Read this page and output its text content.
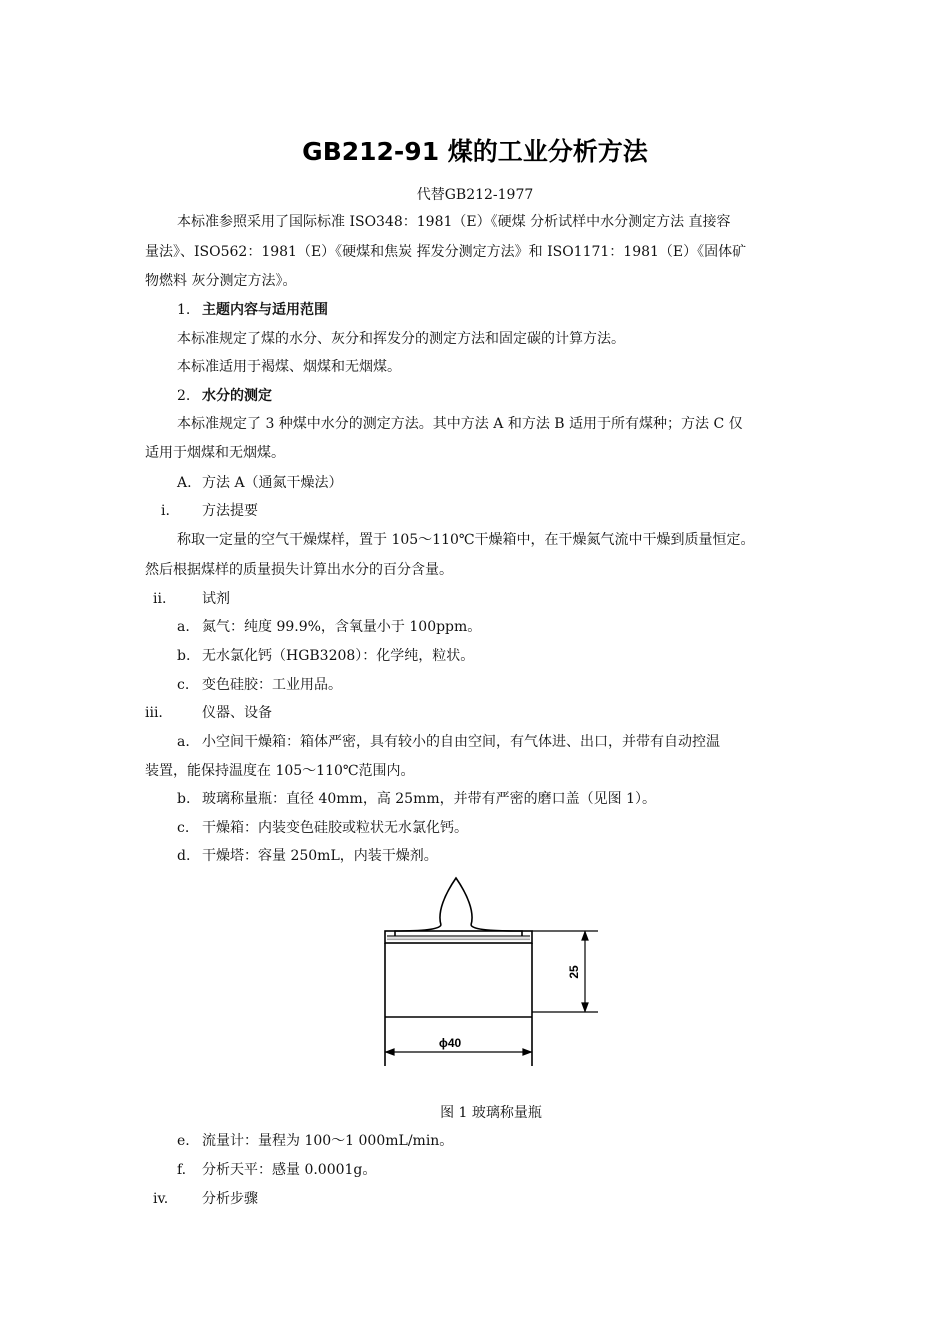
GB212-91 煤的工业分析方法
代替GB212-1977
本标准参照采用了国际标准 ISO348：1981（E）《硬煤 分析试样中水分测定方法 直接容
量法》、ISO562：1981（E）《硬煤和焦炭 挥发分测定方法》和 ISO1171：1981（E）《固体矿
物燃料 灰分测定方法》。
1. 主题内容与适用范围
本标准规定了煤的水分、灰分和挥发分的测定方法和固定碳的计算方法。
本标准适用于褐煤、烟煤和无烟煤。
2. 水分的测定
本标准规定了 3 种煤中水分的测定方法。其中方法 A 和方法 B 适用于所有煤种；方法 C 仅
适用于烟煤和无烟煤。
A. 方法 A（通氮干燥法）
i. 方法提要
称取一定量的空气干燥煤样，置于 105～110℃干燥箱中，在干燥氮气流中干燥到质量恒定。
然后根据煤样的质量损失计算出水分的百分含量。
ii.	试剂
a. 氮气：纯度 99.9%，含氧量小于 100ppm。
b. 无水氯化钙（HGB3208）：化学纯，粒状。
c. 变色硅胶：工业用品。
iii.	仪器、设备
a. 小空间干燥箱：箱体严密，具有较小的自由空间，有气体进、出口，并带有自动控温
装置，能保持温度在 105～110℃范围内。
b. 玻璃称量瓶：直径 40mm，高 25mm，并带有严密的磨口盖（见图 1）。
c. 干燥箱：内装变色硅胶或粒状无水氯化钙。
d. 干燥塔：容量 250mL，内装干燥剂。
25
ϕ40
图 1 玻璃称量瓶
e. 流量计：量程为 100～1 000mL/min。
f. 分析天平：感量 0.0001g。
iv. 分析步骤
